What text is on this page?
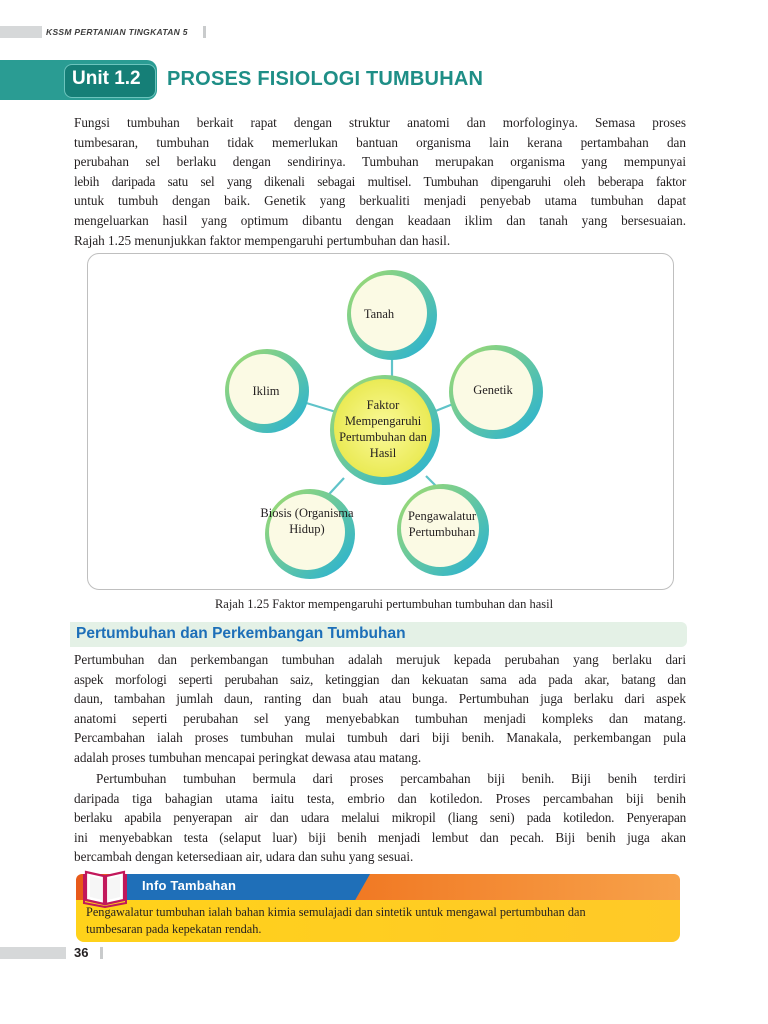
KSSM PERTANIAN TINGKATAN 5
Unit 1.2 PROSES FISIOLOGI TUMBUHAN
Fungsi tumbuhan berkait rapat dengan struktur anatomi dan morfologinya. Semasa proses
tumbesaran, tumbuhan tidak memerlukan bantuan organisma lain kerana pertambahan dan
perubahan sel berlaku dengan sendirinya. Tumbuhan merupakan organisma yang mempunyai
lebih daripada satu sel yang dikenali sebagai multisel. Tumbuhan dipengaruhi oleh beberapa faktor
untuk tumbuh dengan baik. Genetik yang berkualiti menjadi penyebab utama tumbuhan dapat
mengeluarkan hasil yang optimum dibantu dengan keadaan iklim dan tanah yang bersesuaian.
Rajah 1.25 menunjukkan faktor mempengaruhi pertumbuhan dan hasil.
Tanah
Iklim	Genetik
Biosis (Organisma Hidup)
Pengawalatur Pertumbuhan
Faktor Mempengaruhi Pertumbuhan dan Hasil
Rajah 1.25 Faktor mempengaruhi pertumbuhan tumbuhan dan hasil
Pertumbuhan dan Perkembangan Tumbuhan
Pertumbuhan dan perkembangan tumbuhan adalah merujuk kepada perubahan yang berlaku dari
aspek morfologi seperti perubahan saiz, ketinggian dan kekuatan sama ada pada akar, batang dan
daun, tambahan jumlah daun, ranting dan buah atau bunga. Pertumbuhan juga berlaku dari aspek
anatomi seperti perubahan sel yang menyebabkan tumbuhan menjadi kompleks dan matang.
Percambahan ialah proses tumbuhan mulai tumbuh dari biji benih. Manakala, perkembangan pula
adalah proses tumbuhan mencapai peringkat dewasa atau matang.
Pertumbuhan tumbuhan bermula dari proses percambahan biji benih. Biji benih terdiri
daripada tiga bahagian utama iaitu testa, embrio dan kotiledon. Proses percambahan biji benih
berlaku apabila penyerapan air dan udara melalui mikropil (liang seni) pada kotiledon. Penyerapan
ini menyebabkan testa (selaput luar) biji benih menjadi lembut dan pecah. Biji benih juga akan
bercambah dengan ketersediaan air, udara dan suhu yang sesuai.
Info Tambahan
Pengawalatur tumbuhan ialah bahan kimia semulajadi dan sintetik untuk mengawal pertumbuhan dan
tumbesaran pada kepekatan rendah.
36
